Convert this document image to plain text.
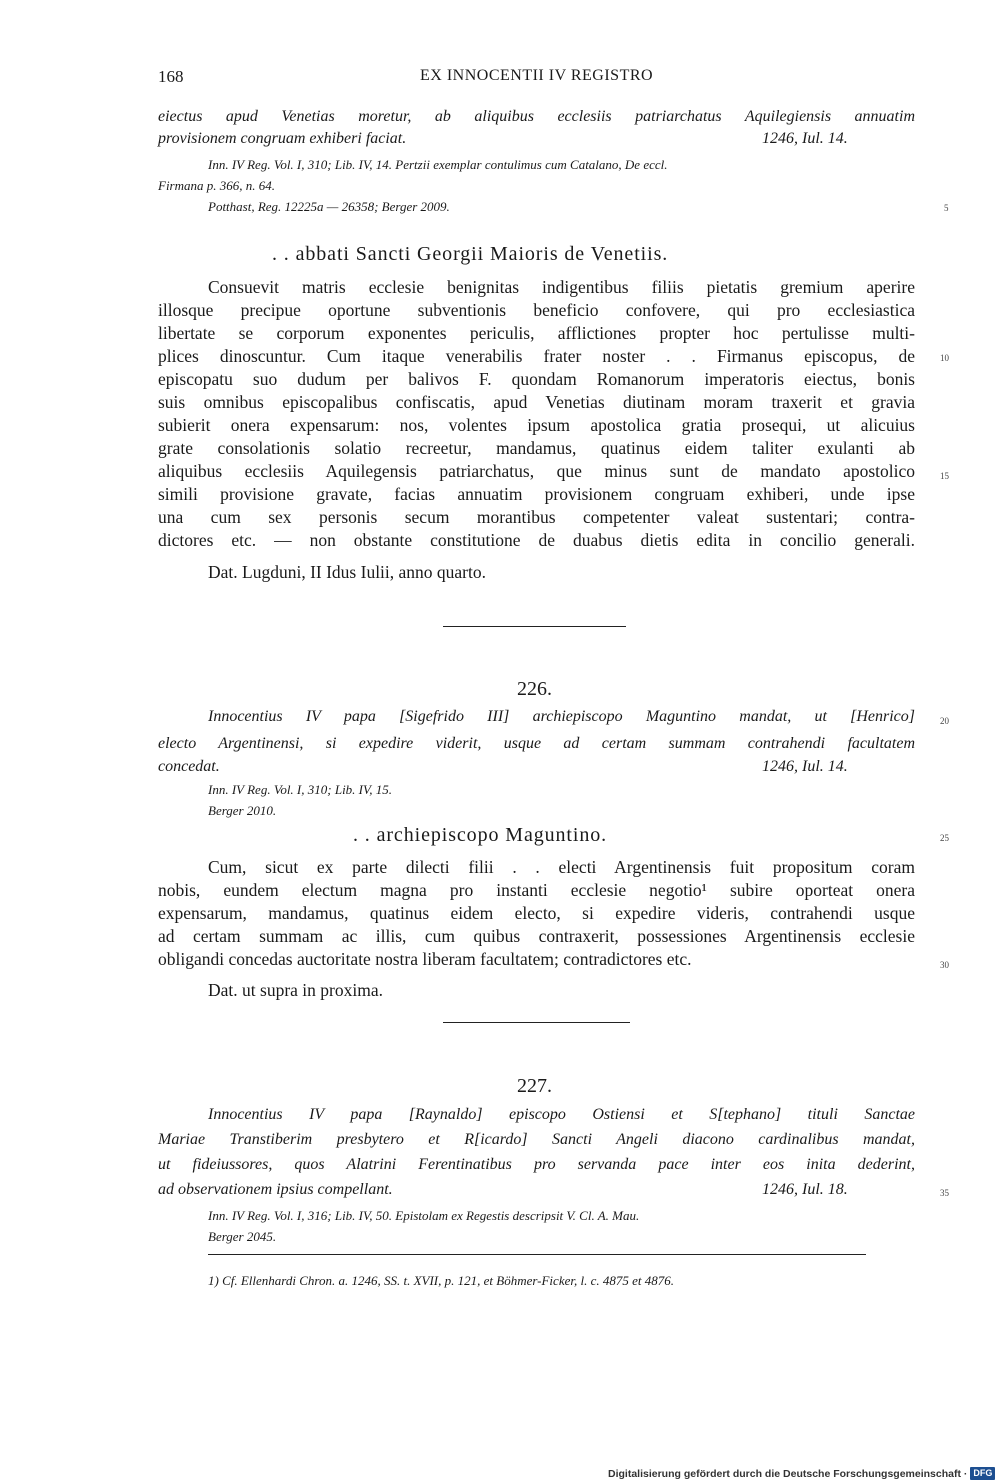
168	EX INNOCENTII IV REGISTRO
eiectus apud Venetias moretur, ab aliquibus ecclesiis patriarchatus Aquilegiensis annuatim
provisionem congruam exhiberi faciat.	1246, Iul. 14.
Inn. IV Reg. Vol. I, 310; Lib. IV, 14. Pertzii exemplar contulimus cum Catalano, De eccl.
Firmana p. 366, n. 64.
Potthast, Reg. 12225a — 26358; Berger 2009.
. . abbati Sancti Georgii Maioris de Venetiis.
Consuevit matris ecclesie benignitas indigentibus filiis pietatis gremium aperire
illosque precipue oportune subventionis beneficio confovere, qui pro ecclesiastica
libertate se corporum exponentes periculis, afflictiones propter hoc pertulisse multi-
plices dinoscuntur. Cum itaque venerabilis frater noster . . Firmanus episcopus, de
episcopatu suo dudum per balivos F. quondam Romanorum imperatoris eiectus, bonis
suis omnibus episcopalibus confiscatis, apud Venetias diutinam moram traxerit et gravia
subierit onera expensarum: nos, volentes ipsum apostolica gratia prosequi, ut alicuius
grate consolationis solatio recreetur, mandamus, quatinus eidem taliter exulanti ab
aliquibus ecclesiis Aquilegensis patriarchatus, que minus sunt de mandato apostolico
simili provisione gravate, facias annuatim provisionem congruam exhiberi, unde ipse
una cum sex personis secum morantibus competenter valeat sustentari; contra-
dictores etc. — non obstante constitutione de duabus dietis edita in concilio generali.
Dat. Lugduni, II Idus Iulii, anno quarto.
226.
Innocentius IV papa [Sigefrido III] archiepiscopo Maguntino mandat, ut [Henrico]
electo Argentinensi, si expedire viderit, usque ad certam summam contrahendi facultatem
concedat.	1246, Iul. 14.
Inn. IV Reg. Vol. I, 310; Lib. IV, 15.
Berger 2010.
. . archiepiscopo Maguntino.
Cum, sicut ex parte dilecti filii . . electi Argentinensis fuit propositum coram
nobis, eundem electum magna pro instanti ecclesie negotio¹ subire oporteat onera
expensarum, mandamus, quatinus eidem electo, si expedire videris, contrahendi usque
ad certam summam ac illis, cum quibus contraxerit, possessiones Argentinensis ecclesie
obligandi concedas auctoritate nostra liberam facultatem; contradictores etc.
Dat. ut supra in proxima.
227.
Innocentius IV papa [Raynaldo] episcopo Ostiensi et S[tephano] tituli Sanctae
Mariae Transtiberim presbytero et R[icardo] Sancti Angeli diacono cardinalibus mandat,
ut fideiussores, quos Alatrini Ferentinatibus pro servanda pace inter eos inita dederint,
ad observationem ipsius compellant.	1246, Iul. 18.
Inn. IV Reg. Vol. I, 316; Lib. IV, 50. Epistolam ex Regestis descripsit V. Cl. A. Mau.
Berger 2045.
1) Cf. Ellenhardi Chron. a. 1246, SS. t. XVII, p. 121, et Böhmer-Ficker, l. c. 4875 et 4876.
5
10
15
20
25
30
35
Digitalisierung gefördert durch die Deutsche Forschungsgemeinschaft · DFG
